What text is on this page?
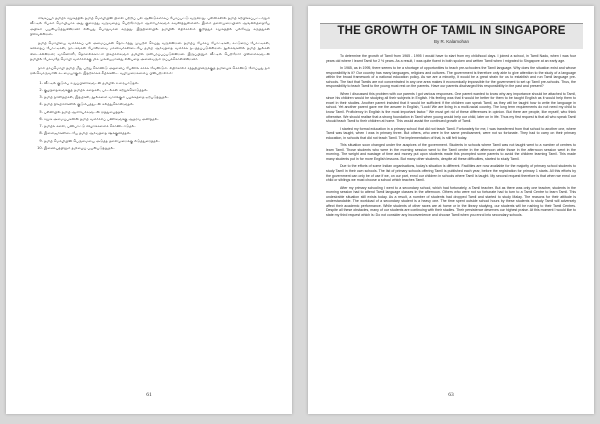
சிங்கப்பூர் தமிழ்ச் சமூகத்தில் தமிழ் மொழியின் நிலை பற்றிப் பல ஆண்டுகளாகப் பேசப்பட்டு வருகிறது. பள்ளிகளில் தமிழ் கற்பிக்கப்பட்டாலும் வீட்டில் பேசும் மொழியாக அது குறைந்து வருவதைப் பெற்றோரும் ஆசிரியர்களும் கவனித்துள்ளனர். இளம் தலைமுறையினர் ஆங்கிலத்தையே அதிகம் பயன்படுத்துகின்றனர் என்பது பொதுவான கருத்து. இந்நிலையில் தமிழின் எதிர்காலம் குறித்துச் சமூகத்தில் பல்வேறு கருத்துகள் நிலவுகின்றன.

தமிழ் மொழியை வளர்க்கப் பல அமைப்புகள் தொடர்ந்து முயற்சி செய்து வருகின்றன. தமிழ்ப் பேச்சுப் போட்டிகள், கட்டுரைப் போட்டிகள், கவிதைப் போட்டிகள், நாடகங்கள் போன்றவை மாணவர்களிடையே தமிழ் ஆர்வத்தை வளர்க்க நடத்தப்படுகின்றன. நூலகங்களில் தமிழ் நூல்கள் கிடைக்கின்றன; வானொலி, தொலைக்காட்சி நிகழ்ச்சிகளும் தமிழில் ஒளிபரப்பப்படுகின்றன. இருப்பினும் வீட்டில் பெற்றோர் பிள்ளைகளுடன் தமிழில் பேசுவதே மொழி வளர்ச்சிக்கு மிக முக்கியமானது என்பதை அனைவரும் ஒப்புக்கொள்கின்றனர்.

நாம் தாய்மொழி தமிழ் மீது பற்று கொண்டு அதனைப் பேணிக் காக்க வேண்டும். எதிர்காலச் சந்ததியினருக்குத் தமிழைக் கொண்டு சேர்ப்பது நம் ஒவ்வொருவரின் கடமையாகும். இதற்காகக் கீழ்க்கண்ட வழிமுறைகளைப் பின்பற்றலாம்:

1. வீட்டில் குடும்ப உறுப்பினர்களுடன் தமிழில் உரையாடுதல்.
2. குழந்தைகளுக்குத் தமிழ்க் கதைகள், பாடல்கள் கற்றுக்கொடுத்தல்.
3. தமிழ் நாளிதழ்கள், இதழ்கள், நூல்களை வாசிக்கும் பழக்கத்தை ஏற்படுத்துதல்.
4. தமிழ் நிகழ்ச்சிகளில் குடும்பத்துடன் கலந்துகொள்ளுதல்.
5. பள்ளியில் தமிழ் ஆசிரியர்களுடன் ஒத்துழைத்தல்.
6. சமூக அமைப்புகளின் தமிழ் வளர்ச்சிப் பணிகளுக்கு ஆதரவு அளித்தல்.
7. தமிழ்க் கலை, பண்பாட்டு விழாக்களைக் கொண்டாடுதல்.
8. இளைஞர்களிடையே தமிழ் ஆர்வத்தை ஊக்குவித்தல்.
9. தமிழ் மொழியின் பெருமையை அடுத்த தலைமுறைக்கு எடுத்துரைத்தல்.
10. இணையத்திலும் தமிழைப் பயன்படுத்துதல்.
61
THE GROWTH OF TAMIL IN SINGAPORE
By R. Kalamohan

To determine the growth of Tamil from 1965 - 1995 I would have to start from my childhood days. I joined a school, in Tamil Nadu, when I was four years old where I learnt Tamil for 2 ½ years. As a result, I was quite fluent in both spoken and written Tamil when I migrated to Singapore at an early age.

In 1965, as in 1995, there seems to be a shortage of opportunities to teach pre-schoolers the Tamil language. Why does the situation exist and whose responsibility is it? Our country has many languages, religions and cultures. The government is therefore only able to give attention to the study of a language within the broad framework of a national education policy. As we are a minority, it would be a great strain for us to establish and run Tamil language pre-schools. The fact that Tamils are not concentrated in any one area makes it economically impossible for the government to set up Tamil pre-schools. Thus, the responsibility to teach Tamil to the young must rest on the parents. Have our parents discharged this responsibility in the past and present?

When I discussed this problem with our parents I got various responses. One parent wanted to know why any importance should be attached to Tamil, since his children would be studying all their subjects in English. His feeling was that it would be better for them to be taught English as it would help them to excel in their studies. Another parent insisted that it would be sufficient if the children can speak Tamil, as they will be taught how to write the language in school. Yet another parent gave me the answer in English, "Look! We are living in a multi-racial country. The long term requirements do not need my child to know Tamil. Proficiency in English is the most important factor." We must get rid of these differences in opinion. But there are people, like myself, who think otherwise. We should realise that a strong foundation in Tamil when young would help our child, later on in life. Thus my first request is that all who speak Tamil should teach Tamil to their children at home. This would assist the continued growth of Tamil.

I started my formal education in a primary school that did not teach Tamil. Fortunately for me, I was transferred from that school to another one, where Tamil was taught, when I was in primary three. But others, who were in the same predicament, were not so fortunate. They had to carry on their primary education, in schools that did not teach Tamil. The implementation of that, is still felt today.

This situation soon changed under the auspices of the government. Students in schools where Tamil was not taught went to a number of centres to learn Tamil. Those students who were in the morning session went to the Tamil centre in the afternoon while those in the afternoon session went in the morning. The weight and wastage of time and money put upon students made this prompted some parents to avoid the children learning Tamil. This made many students put in for more English lessons. But many other students, despite all these difficulties, started to study Tamil.

Due to the efforts of some Indian organisations, today's situation is different. Facilities are now available for the majority of primary school students to study Tamil in their own schools. The list of primary schools offering Tamil is published each year, before the registration for primary 1 starts. All this efforts by the government can only be of use if we, on our part, enrol our children in schools where Tamil is taught. My second request therefore is that when we enrol our child or siblings we must choose a school which teaches Tamil.

After my primary schooling I went to a secondary school, which had fortunately, a Tamil teacher. But as there was only one teacher, students in the morning session had to attend Tamil language classes in the afternoon. Others who were not so fortunate had to turn to a Tamil Centre to learn Tamil. This undesirable situation still exists today. As a result, a number of students had dropped Tamil and started to study Malay. The reasons for their attitude is understandable. The workload of a secondary student is a heavy one. The time spent outside school hours by these students to study Tamil will adversely affect their academic performance. While students of other races are at home or in the library studying, our students will be rushing to their Tamil Centres. Despite all these obstacles, many of our students are continuing with their studies. Their persistence deserves our highest praise. At this moment I would like to state my third request which is: Do not consider any inconvenience and choose Tamil when you enrol into secondary schools.

63
